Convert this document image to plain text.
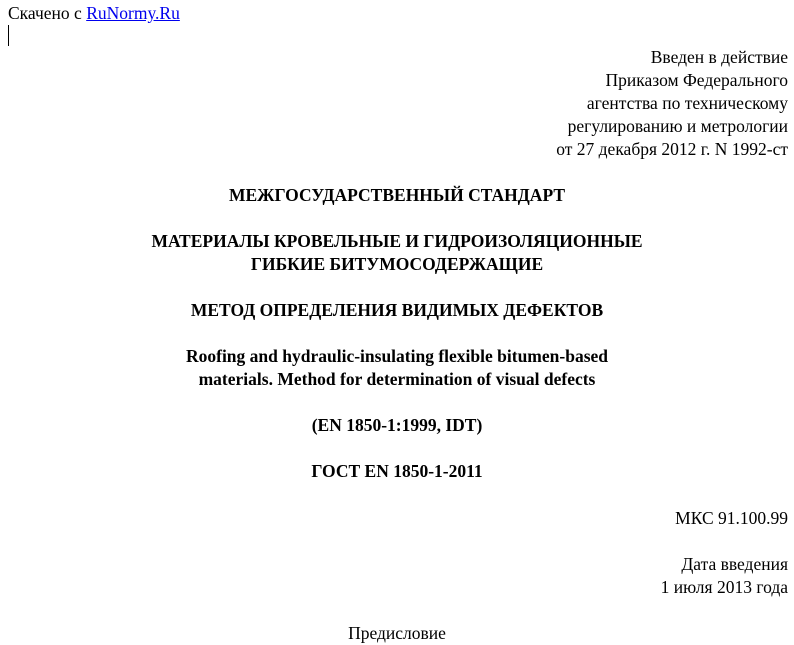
Скачено с RuNormy.Ru
Введен в действие
Приказом Федерального
агентства по техническому
регулированию и метрологии
от 27 декабря 2012 г. N 1992-ст
МЕЖГОСУДАРСТВЕННЫЙ СТАНДАРТ
МАТЕРИАЛЫ КРОВЕЛЬНЫЕ И ГИДРОИЗОЛЯЦИОННЫЕ
ГИБКИЕ БИТУМОСОДЕРЖАЩИЕ
МЕТОД ОПРЕДЕЛЕНИЯ ВИДИМЫХ ДЕФЕКТОВ
Roofing and hydraulic-insulating flexible bitumen-based
materials. Method for determination of visual defects
(EN 1850-1:1999, IDT)
ГОСТ EN 1850-1-2011
МКС 91.100.99
Дата введения
1 июля 2013 года
Предисловие
